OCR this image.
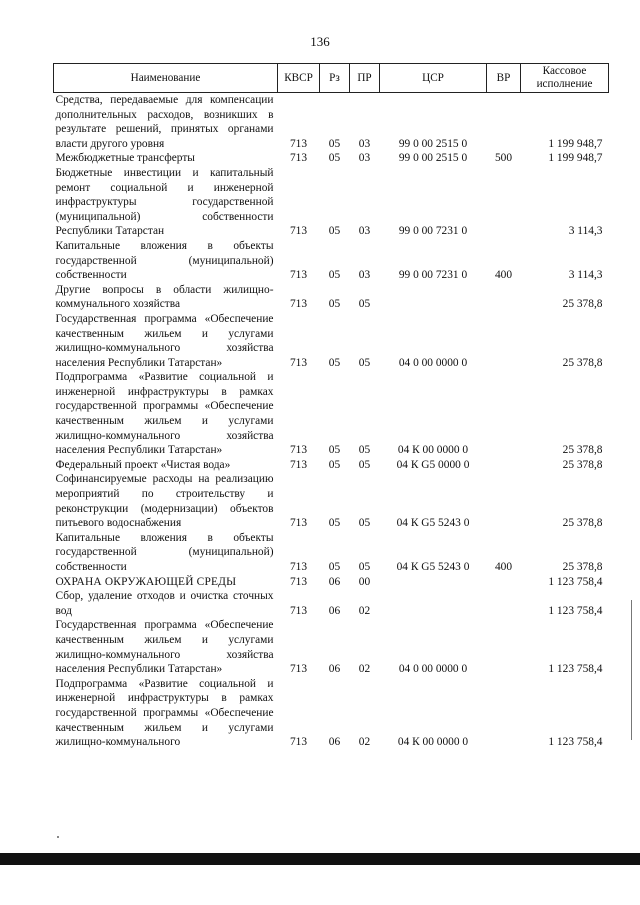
136
Наименование	КВСР	Рз	ПР	ЦСР	ВР	Кассовое исполнение
Средства, передаваемые для компенсации дополнительных расходов, возникших в результате решений, принятых органами власти другого уровня	713	05	03	99 0 00 2515 0		1 199 948,7
Межбюджетные трансферты	713	05	03	99 0 00 2515 0	500	1 199 948,7
Бюджетные инвестиции и капитальный ремонт социальной и инженерной инфраструктуры государственной (муниципальной) собственности Республики Татарстан	713	05	03	99 0 00 7231 0		3 114,3
Капитальные вложения в объекты государственной (муниципальной) собственности	713	05	03	99 0 00 7231 0	400	3 114,3
Другие вопросы в области жилищно-коммунального хозяйства	713	05	05			25 378,8
Государственная программа «Обеспечение качественным жильем и услугами жилищно-коммунального хозяйства населения Республики Татарстан»	713	05	05	04 0 00 0000 0		25 378,8
Подпрограмма «Развитие социальной и инженерной инфраструктуры в рамках государственной программы «Обеспечение качественным жильем и услугами жилищно-коммунального хозяйства населения Республики Татарстан»	713	05	05	04 К 00 0000 0		25 378,8
Федеральный проект «Чистая вода»	713	05	05	04 К G5 0000 0		25 378,8
Софинансируемые расходы на реализацию мероприятий по строительству и реконструкции (модернизации) объектов питьевого водоснабжения	713	05	05	04 К G5 5243 0		25 378,8
Капитальные вложения в объекты государственной (муниципальной) собственности	713	05	05	04 К G5 5243 0	400	25 378,8
ОХРАНА ОКРУЖАЮЩЕЙ СРЕДЫ	713	06	00			1 123 758,4
Сбор, удаление отходов и очистка сточных вод	713	06	02			1 123 758,4
Государственная программа «Обеспечение качественным жильем и услугами жилищно-коммунального хозяйства населения Республики Татарстан»	713	06	02	04 0 00 0000 0		1 123 758,4
Подпрограмма «Развитие социальной и инженерной инфраструктуры в рамках государственной программы «Обеспечение качественным жильем и услугами жилищно-коммунального	713	06	02	04 К 00 0000 0		1 123 758,4
